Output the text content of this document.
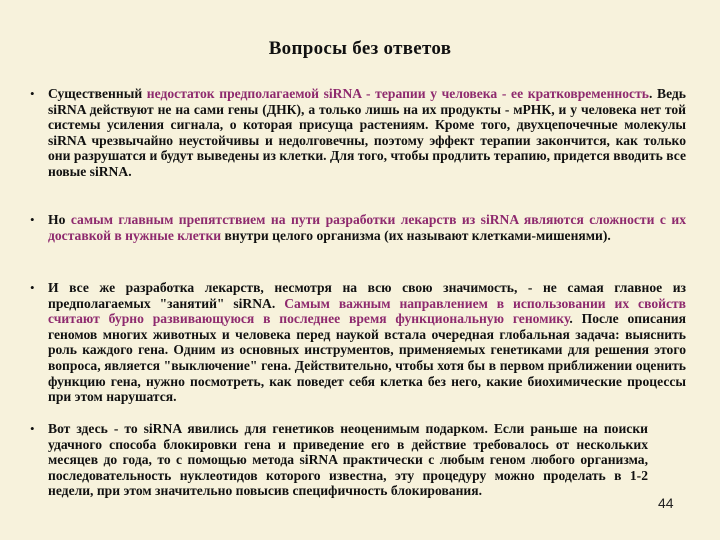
Вопросы без ответов
• Существенный недостаток предполагаемой siRNA - терапии у человека - ее кратковременность. Ведь siRNA действуют не на сами гены (ДНК), а только лишь на их продукты - мРНК, и у человека нет той системы усиления сигнала, о которая присуща растениям. Кроме того, двухцепочечные молекулы siRNA чрезвычайно неустойчивы и недолговечны, поэтому эффект терапии закончится, как только они разрушатся и будут выведены из клетки. Для того, чтобы продлить терапию, придется вводить все новые siRNA.
• Но самым главным препятствием на пути разработки лекарств из siRNA являются сложности с их доставкой в нужные клетки внутри целого организма (их называют клетками-мишенями).
• И все же разработка лекарств, несмотря на всю свою значимость, - не самая главное из предполагаемых "занятий" siRNA. Самым важным направлением в использовании их свойств считают бурно развивающуюся в последнее время функциональную геномику. После описания геномов многих животных и человека перед наукой встала очередная глобальная задача: выяснить роль каждого гена. Одним из основных инструментов, применяемых генетиками для решения этого вопроса, является "выключение" гена. Действительно, чтобы хотя бы в первом приближении оценить функцию гена, нужно посмотреть, как поведет себя клетка без него, какие биохимические процессы при этом нарушатся.
• Вот здесь - то siRNA явились для генетиков неоценимым подарком. Если раньше на поиски удачного способа блокировки гена и приведение его в действие требовалось от нескольких месяцев до года, то с помощью метода siRNA практически с любым геном любого организма, последовательность нуклеотидов которого известна, эту процедуру можно проделать в 1-2 недели, при этом значительно повысив специфичность блокирования.
44
